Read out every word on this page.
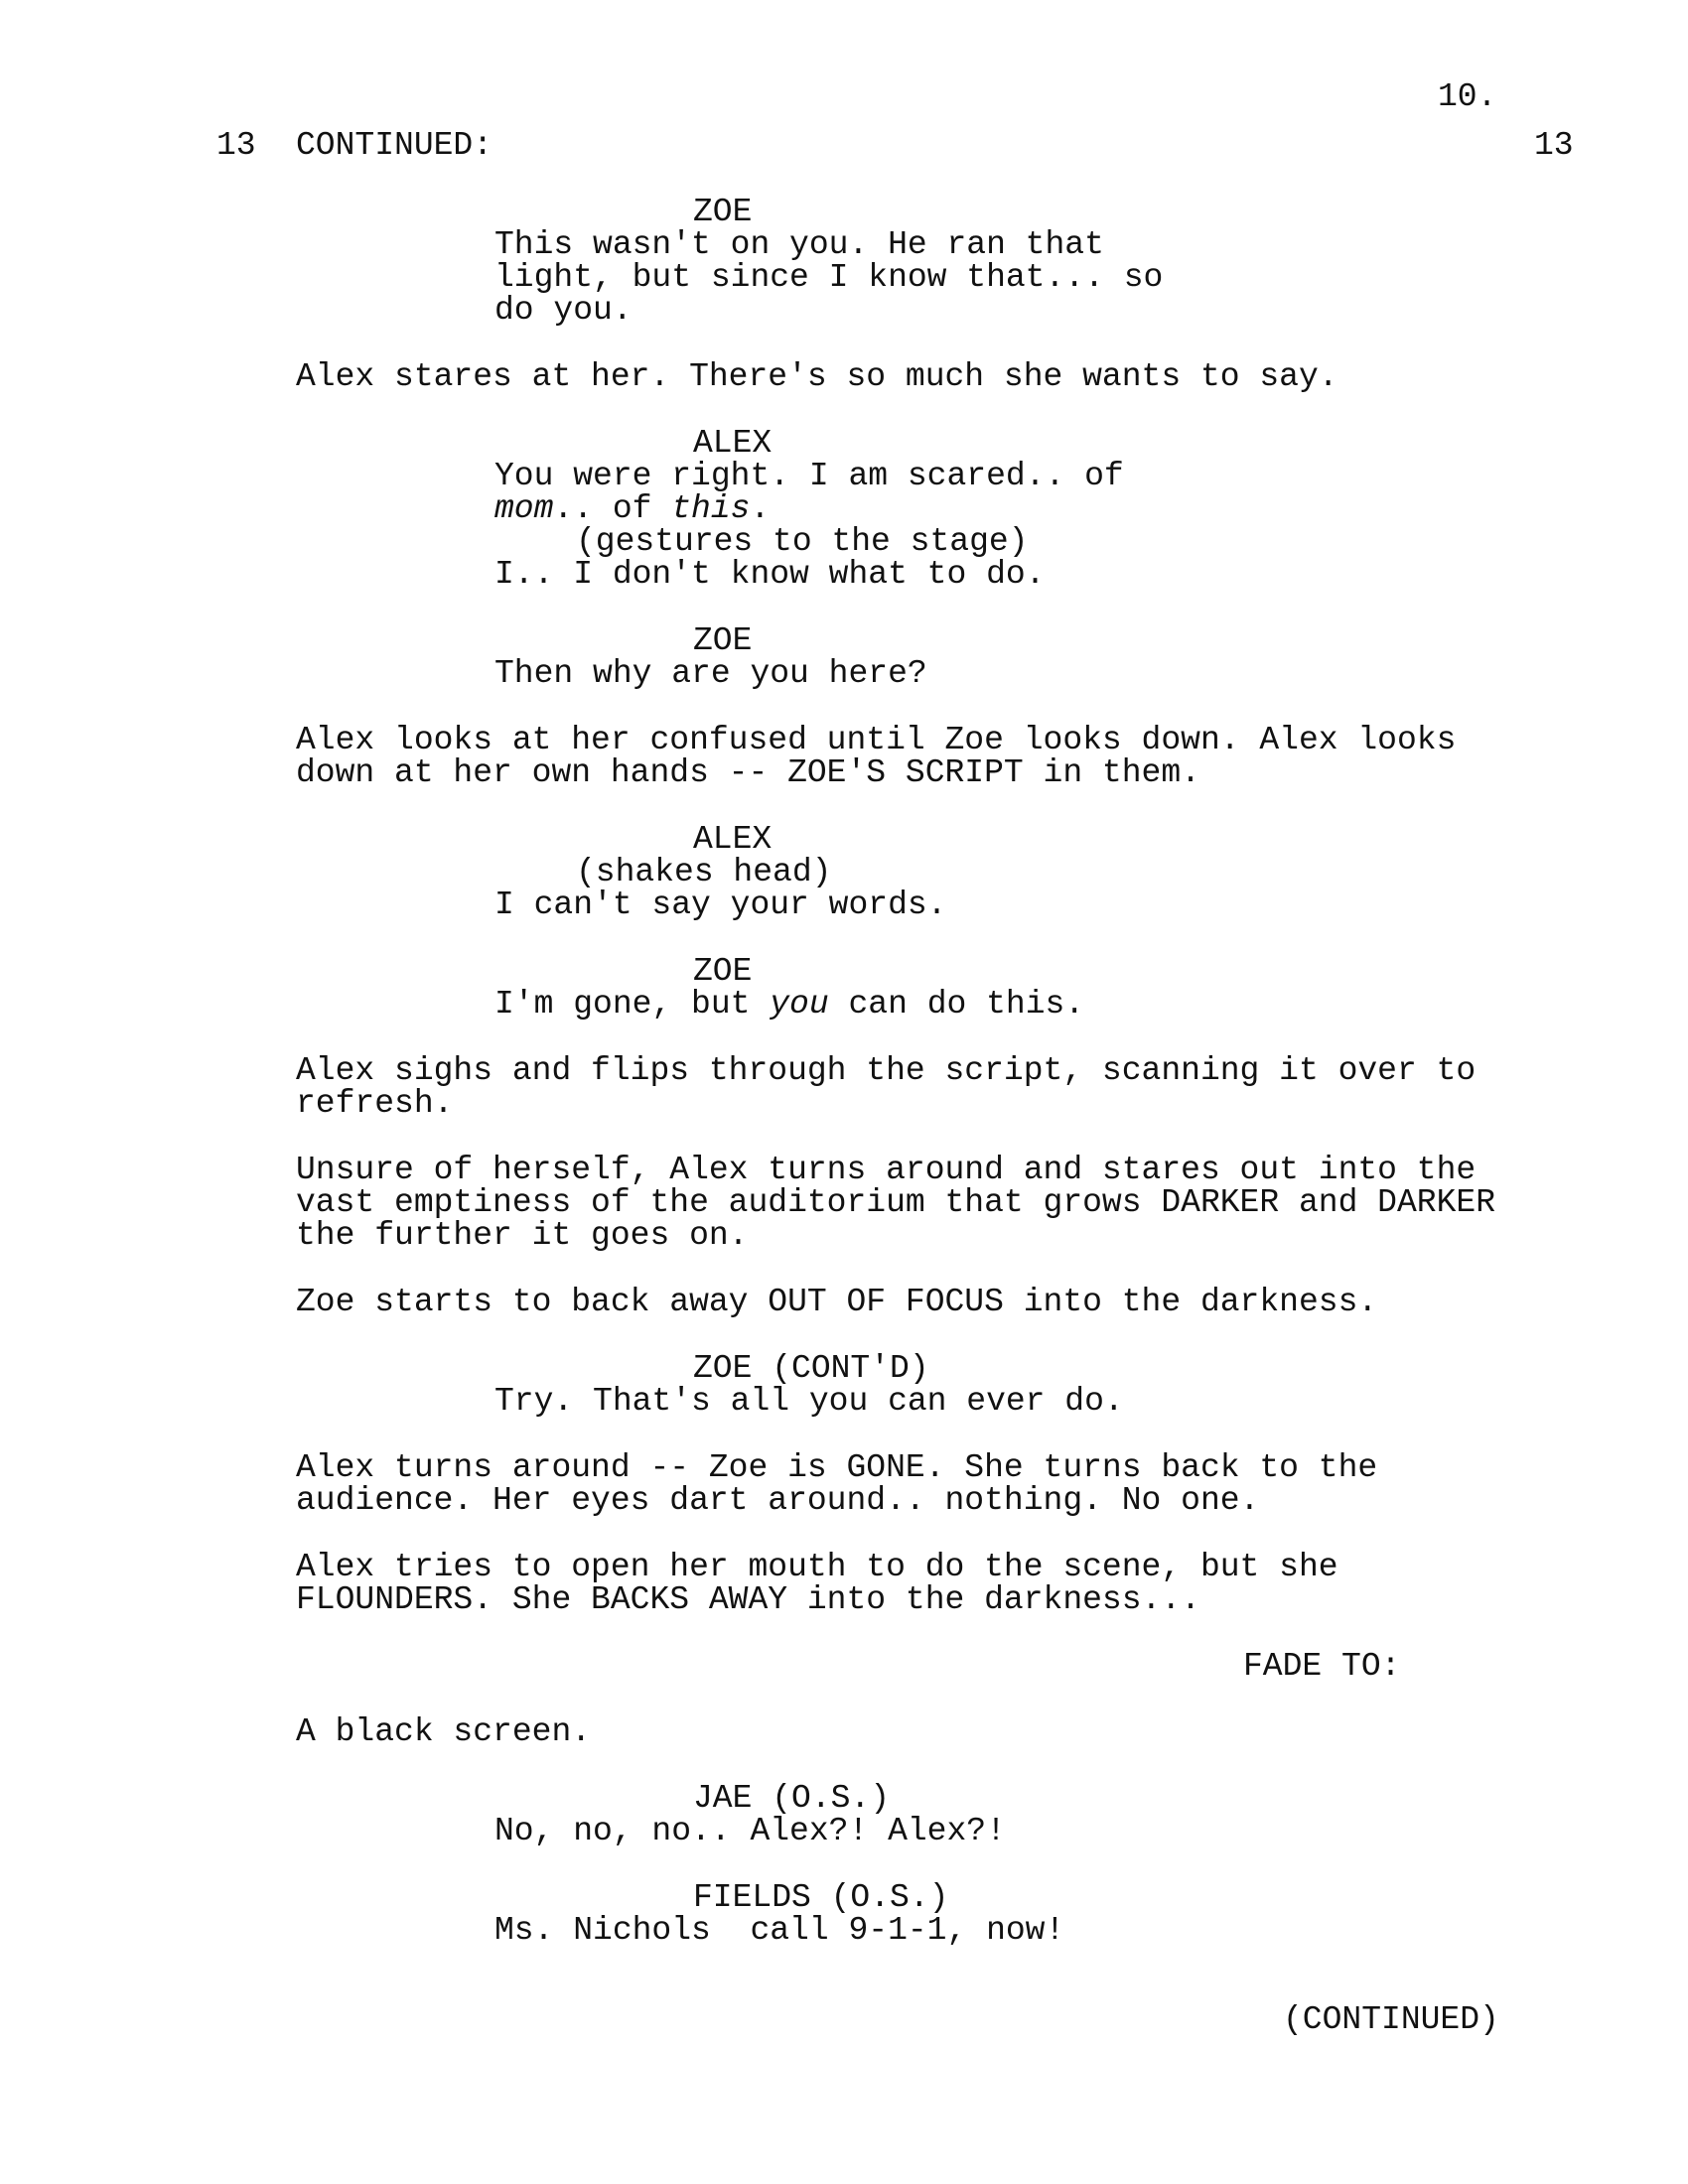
10.
13 CONTINUED:	13
ZOE
This wasn't on you. He ran that
light, but since I know that... so
do you.
Alex stares at her. There's so much she wants to say.
ALEX
You were right. I am scared.. of
mom.. of this.
(gestures to the stage)
I.. I don't know what to do.
ZOE
Then why are you here?
Alex looks at her confused until Zoe looks down. Alex looks
down at her own hands -- ZOE'S SCRIPT in them.
ALEX
(shakes head)
I can't say your words.
ZOE
I'm gone, but you can do this.
Alex sighs and flips through the script, scanning it over to
refresh.
Unsure of herself, Alex turns around and stares out into the
vast emptiness of the auditorium that grows DARKER and DARKER
the further it goes on.
Zoe starts to back away OUT OF FOCUS into the darkness.
ZOE (CONT'D)
Try. That's all you can ever do.
Alex turns around -- Zoe is GONE. She turns back to the
audience. Her eyes dart around.. nothing. No one.
Alex tries to open her mouth to do the scene, but she
FLOUNDERS. She BACKS AWAY into the darkness...
FADE TO:
A black screen.
JAE (O.S.)
No, no, no.. Alex?! Alex?!
FIELDS (O.S.)
Ms. Nichols  call 9-1-1, now!
(CONTINUED)
